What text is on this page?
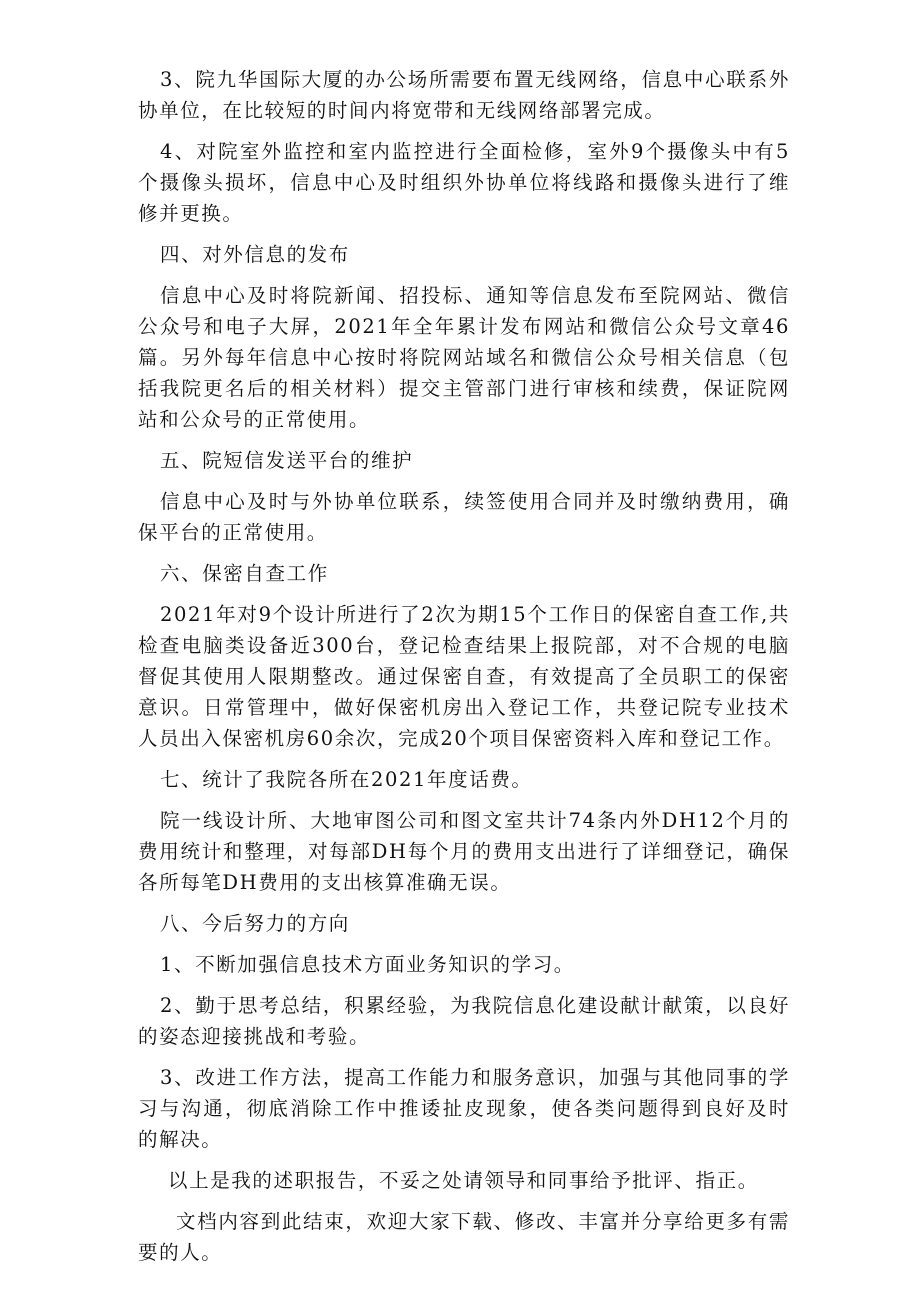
3、院九华国际大厦的办公场所需要布置无线网络，信息中心联系外协单位，在比较短的时间内将宽带和无线网络部署完成。

4、对院室外监控和室内监控进行全面检修，室外9个摄像头中有5个摄像头损坏，信息中心及时组织外协单位将线路和摄像头进行了维修并更换。

四、对外信息的发布

信息中心及时将院新闻、招投标、通知等信息发布至院网站、微信公众号和电子大屏，2021年全年累计发布网站和微信公众号文章46篇。另外每年信息中心按时将院网站域名和微信公众号相关信息（包括我院更名后的相关材料）提交主管部门进行审核和续费，保证院网站和公众号的正常使用。

五、院短信发送平台的维护

信息中心及时与外协单位联系，续签使用合同并及时缴纳费用，确保平台的正常使用。

六、保密自查工作

2021年对9个设计所进行了2次为期15个工作日的保密自查工作,共检查电脑类设备近300台，登记检查结果上报院部，对不合规的电脑督促其使用人限期整改。通过保密自查，有效提高了全员职工的保密意识。日常管理中，做好保密机房出入登记工作，共登记院专业技术人员出入保密机房60余次，完成20个项目保密资料入库和登记工作。

七、统计了我院各所在2021年度话费。

院一线设计所、大地审图公司和图文室共计74条内外DH12个月的费用统计和整理，对每部DH每个月的费用支出进行了详细登记，确保各所每笔DH费用的支出核算准确无误。

八、今后努力的方向

1、不断加强信息技术方面业务知识的学习。

2、勤于思考总结，积累经验，为我院信息化建设献计献策，以良好的姿态迎接挑战和考验。

3、改进工作方法，提高工作能力和服务意识，加强与其他同事的学习与沟通，彻底消除工作中推诿扯皮现象，使各类问题得到良好及时的解决。

以上是我的述职报告，不妥之处请领导和同事给予批评、指正。

文档内容到此结束，欢迎大家下载、修改、丰富并分享给更多有需要的人。
